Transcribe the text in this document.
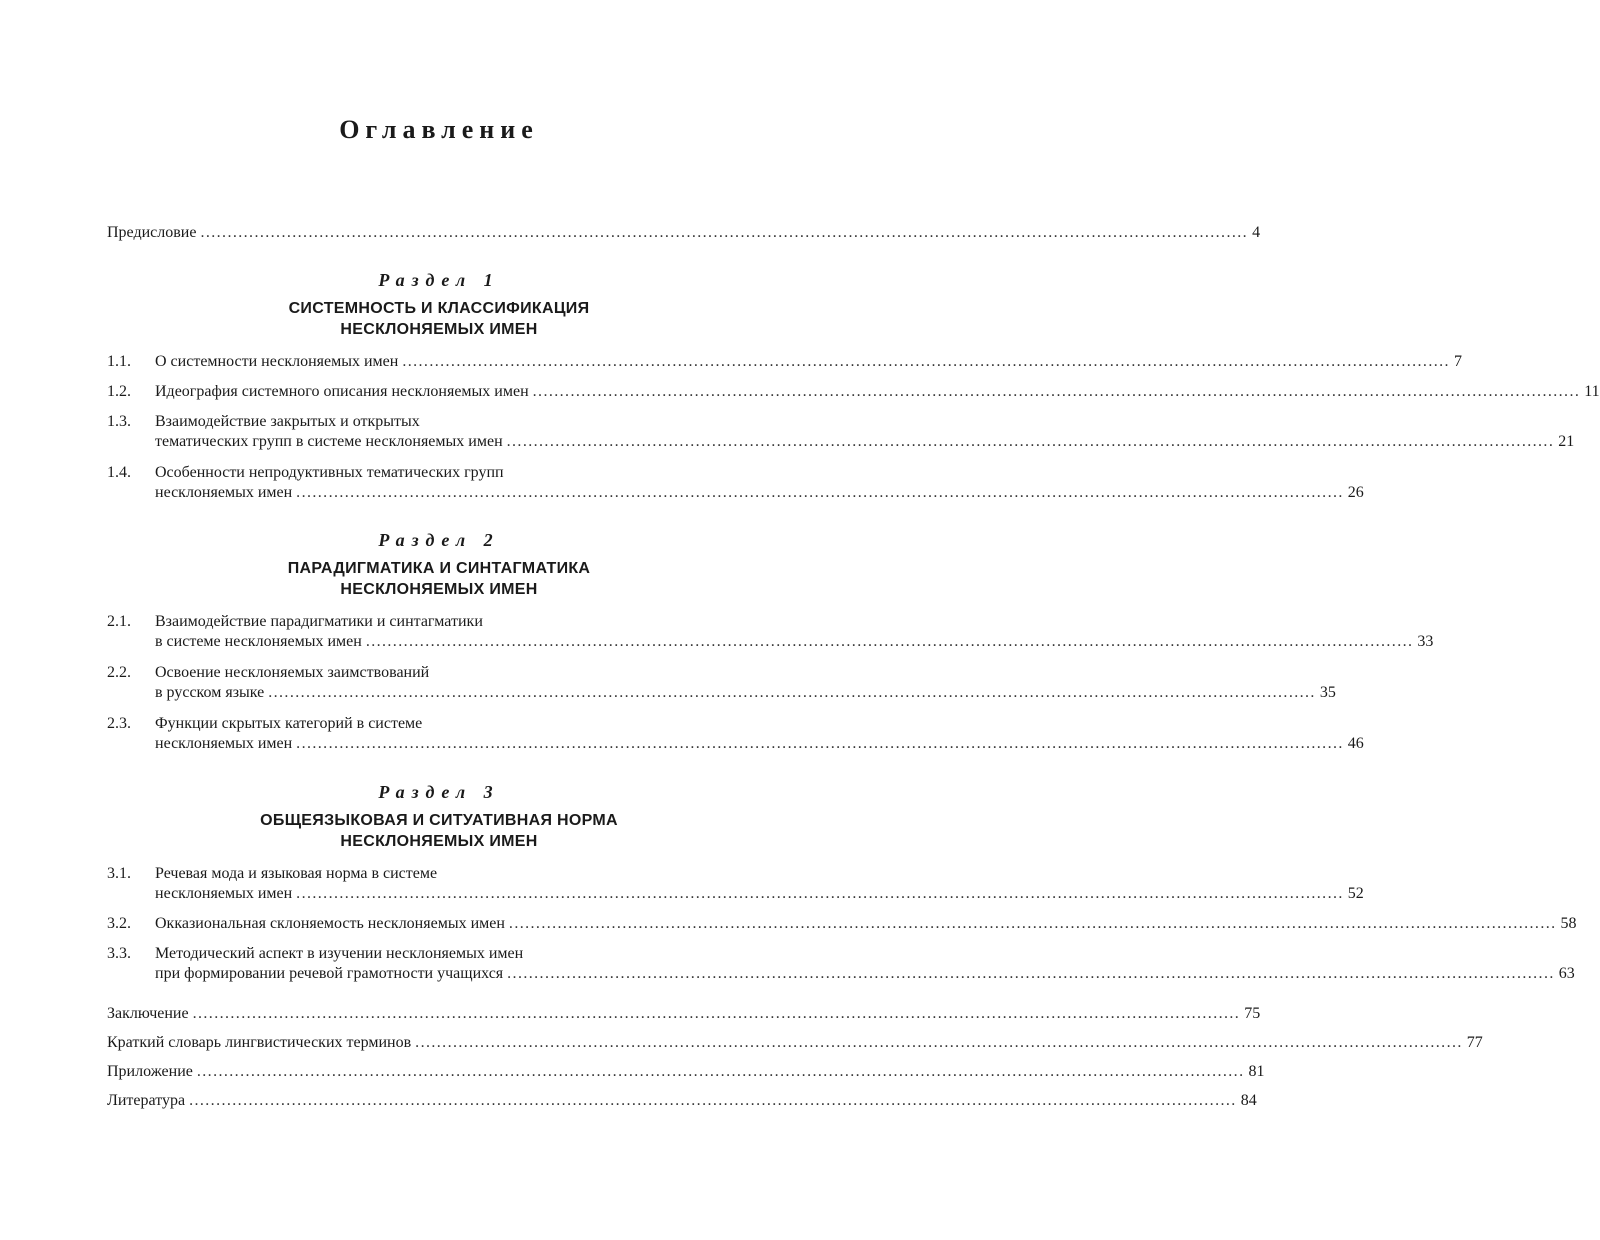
Оглавление
Предисловие .................................................................................................................................................................................................. 4
Раздел 1
СИСТЕМНОСТЬ И КЛАССИФИКАЦИЯ
НЕСКЛОНЯЕМЫХ ИМЕН
1.1.	О системности несклоняемых имен .................................................................................................................................................................................................. 7
1.2.	Идеография системного описания несклоняемых имен .................................................................................................................................................................................................. 11
1.3.	Взаимодействие закрытых и открытых
тематических групп в системе несклоняемых имен .................................................................................................................................................................................................. 21
1.4.	Особенности непродуктивных тематических групп
несклоняемых имен .................................................................................................................................................................................................. 26
Раздел 2
ПАРАДИГМАТИКА И СИНТАГМАТИКА
НЕСКЛОНЯЕМЫХ ИМЕН
2.1.	Взаимодействие парадигматики и синтагматики
в системе несклоняемых имен .................................................................................................................................................................................................. 33
2.2.	Освоение несклоняемых заимствований
в русском языке .................................................................................................................................................................................................. 35
2.3.	Функции скрытых категорий в системе
несклоняемых имен .................................................................................................................................................................................................. 46
Раздел 3
ОБЩЕЯЗЫКОВАЯ И СИТУАТИВНАЯ НОРМА
НЕСКЛОНЯЕМЫХ ИМЕН
3.1.	Речевая мода и языковая норма в системе
несклоняемых имен .................................................................................................................................................................................................. 52
3.2.	Окказиональная склоняемость несклоняемых имен .................................................................................................................................................................................................. 58
3.3.	Методический аспект в изучении несклоняемых имен
при формировании речевой грамотности учащихся .................................................................................................................................................................................................. 63
Заключение .................................................................................................................................................................................................. 75
Краткий словарь лингвистических терминов .................................................................................................................................................................................................. 77
Приложение .................................................................................................................................................................................................. 81
Литература .................................................................................................................................................................................................. 84
